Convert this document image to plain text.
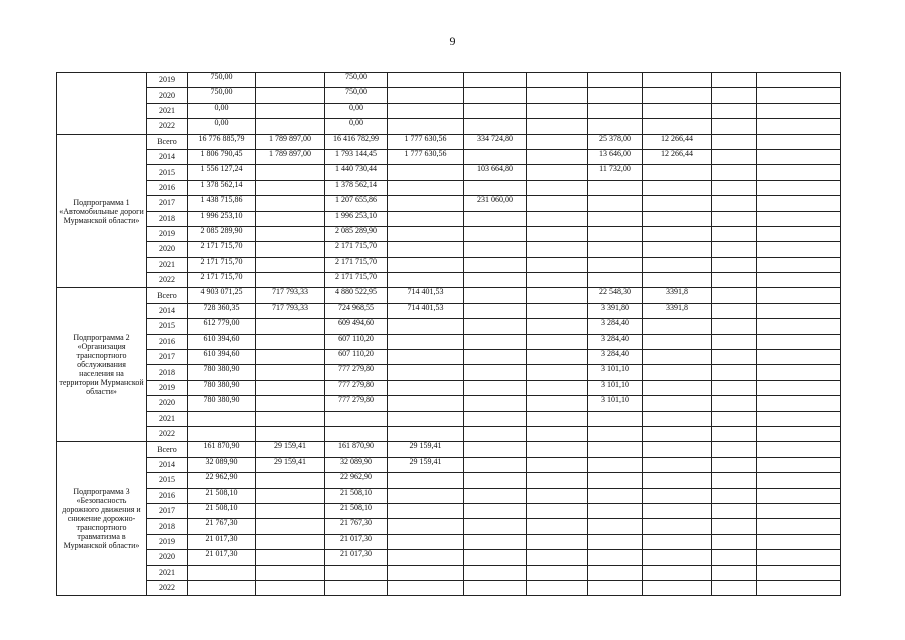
9
	2019	750,00		750,00							
	2020	750,00		750,00							
	2021	0,00		0,00							
	2022	0,00		0,00							
Подпрограмма 1 «Автомобильные дороги Мурманской области»	Всего	16 776 885,79	1 789 897,00	16 416 782,99	1 777 630,56	334 724,80		25 378,00	12 266,44		
	2014	1 806 790,45	1 789 897,00	1 793 144,45	1 777 630,56			13 646,00	12 266,44		
	2015	1 556 127,24		1 440 730,44		103 664,80		11 732,00			
	2016	1 378 562,14		1 378 562,14							
	2017	1 438 715,86		1 207 655,86		231 060,00					
	2018	1 996 253,10		1 996 253,10							
	2019	2 085 289,90		2 085 289,90							
	2020	2 171 715,70		2 171 715,70							
	2021	2 171 715,70		2 171 715,70							
	2022	2 171 715,70		2 171 715,70							
Подпрограмма 2 «Организация транспортного обслуживания населения на территории Мурманской области»	Всего	4 903 071,25	717 793,33	4 880 522,95	714 401,53			22 548,30	3391,8		
	2014	728 360,35	717 793,33	724 968,55	714 401,53			3 391,80	3391,8		
	2015	612 779,00		609 494,60				3 284,40			
	2016	610 394,60		607 110,20				3 284,40			
	2017	610 394,60		607 110,20				3 284,40			
	2018	780 380,90		777 279,80				3 101,10			
	2019	780 380,90		777 279,80				3 101,10			
	2020	780 380,90		777 279,80				3 101,10			
	2021										
	2022										
Подпрограмма 3 «Безопасность дорожного движения и снижение дорожно-транспортного травматизма в Мурманской области»	Всего	161 870,90	29 159,41	161 870,90	29 159,41						
	2014	32 089,90	29 159,41	32 089,90	29 159,41						
	2015	22 962,90		22 962,90							
	2016	21 508,10		21 508,10							
	2017	21 508,10		21 508,10							
	2018	21 767,30		21 767,30							
	2019	21 017,30		21 017,30							
	2020	21 017,30		21 017,30							
	2021										
	2022										
